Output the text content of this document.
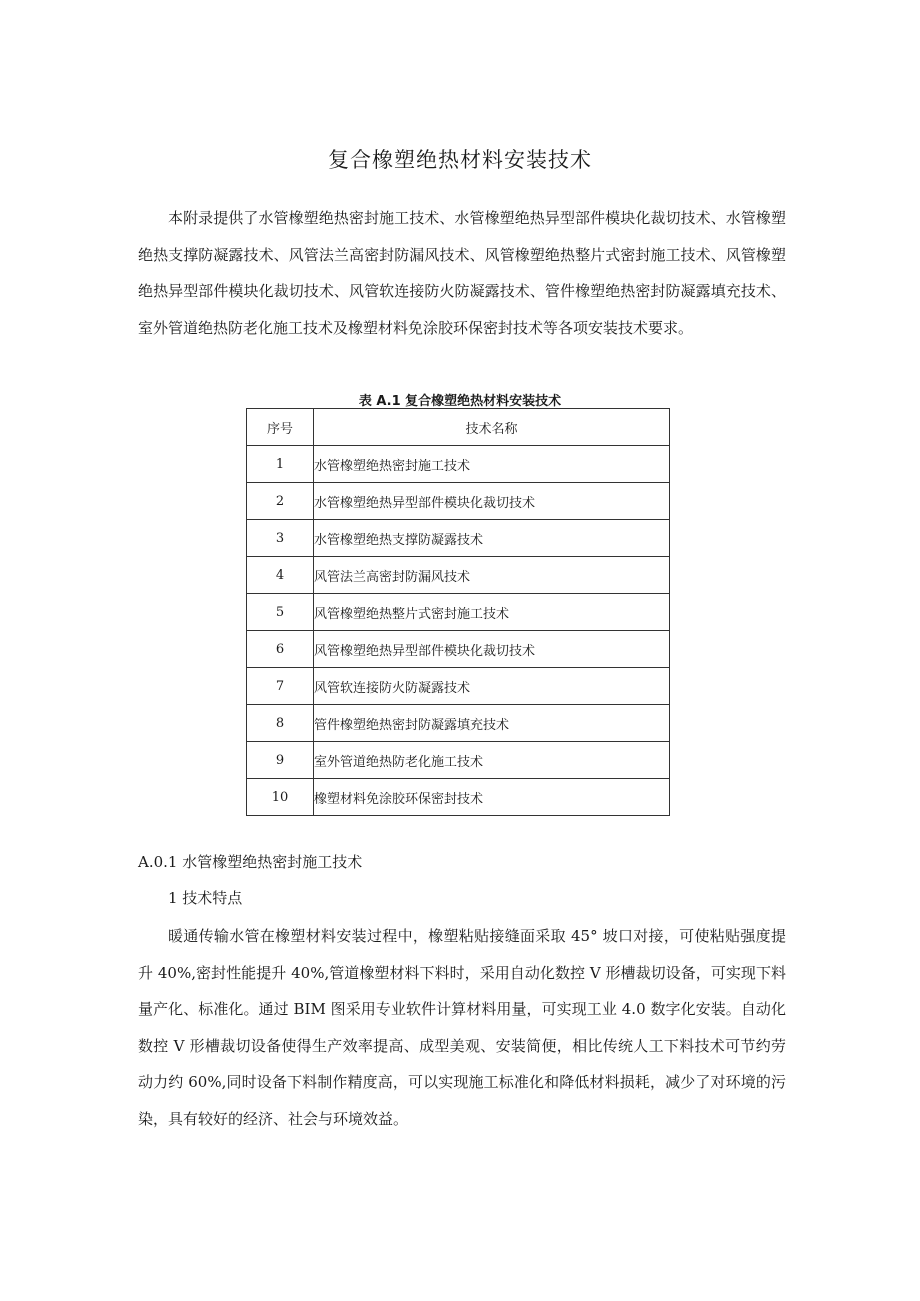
复合橡塑绝热材料安装技术

本附录提供了水管橡塑绝热密封施工技术、水管橡塑绝热异型部件模块化裁切技术、水管橡塑绝热支撑防凝露技术、风管法兰高密封防漏风技术、风管橡塑绝热整片式密封施工技术、风管橡塑绝热异型部件模块化裁切技术、风管软连接防火防凝露技术、管件橡塑绝热密封防凝露填充技术、室外管道绝热防老化施工技术及橡塑材料免涂胶环保密封技术等各项安装技术要求。

表 A.1 复合橡塑绝热材料安装技术
序号	技术名称
1	水管橡塑绝热密封施工技术
2	水管橡塑绝热异型部件模块化裁切技术
3	水管橡塑绝热支撑防凝露技术
4	风管法兰高密封防漏风技术
5	风管橡塑绝热整片式密封施工技术
6	风管橡塑绝热异型部件模块化裁切技术
7	风管软连接防火防凝露技术
8	管件橡塑绝热密封防凝露填充技术
9	室外管道绝热防老化施工技术
10	橡塑材料免涂胶环保密封技术
A.0.1 水管橡塑绝热密封施工技术
1 技术特点

暖通传输水管在橡塑材料安装过程中，橡塑粘贴接缝面采取 45° 坡口对接，可使粘贴强度提升 40%,密封性能提升 40%,管道橡塑材料下料时，采用自动化数控 V 形槽裁切设备，可实现下料量产化、标准化。通过 BIM 图采用专业软件计算材料用量，可实现工业 4.0 数字化安装。自动化数控 V 形槽裁切设备使得生产效率提高、成型美观、安装简便，相比传统人工下料技术可节约劳动力约 60%,同时设备下料制作精度高，可以实现施工标准化和降低材料损耗，减少了对环境的污染，具有较好的经济、社会与环境效益。
